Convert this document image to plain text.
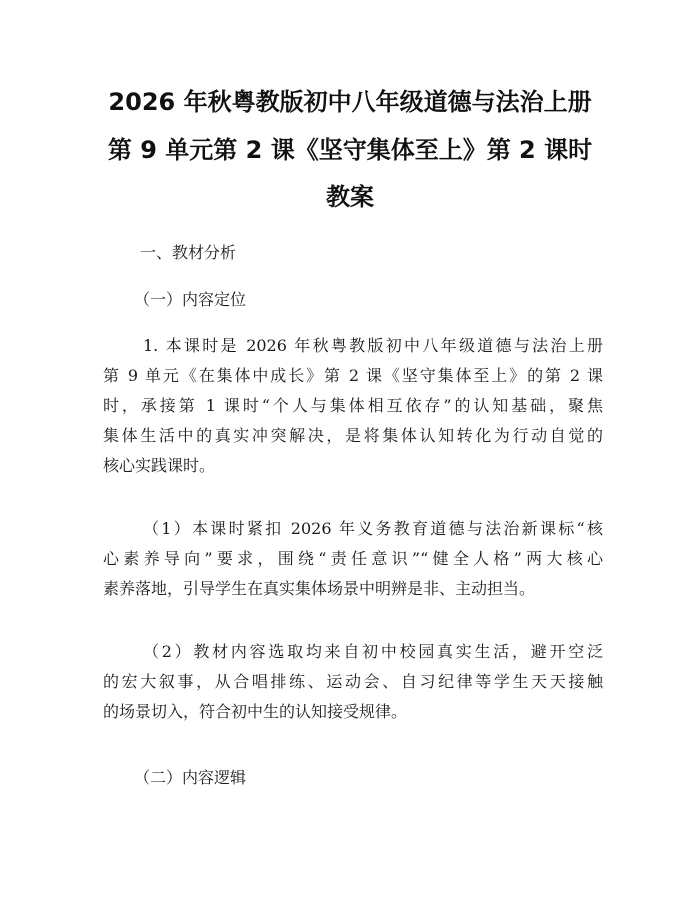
2026 年秋粤教版初中八年级道德与法治上册
第 9 单元第 2 课《坚守集体至上》第 2 课时
教案
一、教材分析
（一）内容定位
1. 本课时是 2026 年秋粤教版初中八年级道德与法治上册
第 9 单元《在集体中成长》第 2 课《坚守集体至上》的第 2 课
时，承接第 1 课时“个人与集体相互依存”的认知基础，聚焦
集体生活中的真实冲突解决，是将集体认知转化为行动自觉的
核心实践课时。
（1）本课时紧扣 2026 年义务教育道德与法治新课标“核
心素养导向”要求，围绕“责任意识”“健全人格”两大核心
素养落地，引导学生在真实集体场景中明辨是非、主动担当。
（2）教材内容选取均来自初中校园真实生活，避开空泛
的宏大叙事，从合唱排练、运动会、自习纪律等学生天天接触
的场景切入，符合初中生的认知接受规律。
（二）内容逻辑
